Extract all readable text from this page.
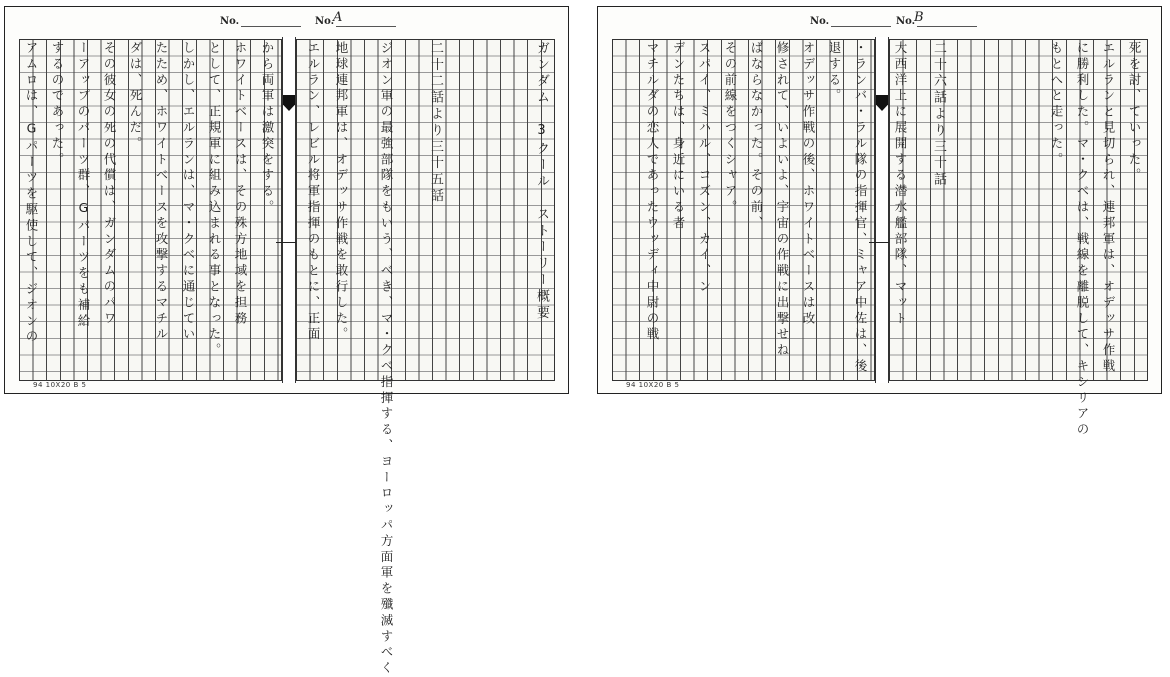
No.	No.
A
ガンダム　3クール　ストーリー概要
二十二話より三十五話
ジオン軍の最強部隊をもいう、べき、マ・クベ指揮する、ヨーロッパ方面軍を殲滅すべく
地球連邦軍は、オデッサ作戦を敢行した。
エルラン、レビル将軍指揮のもとに、正面
から両軍は激突をする。
ホワイトベースは、その殊方地域を担務
として、正規軍に組み込まれる事となった。
しかし、エルランは、マ・クベに通じてい
たため、ホワイトベースを攻撃するマチル
ダは、死んだ。
その彼女の死の代償は、ガンダムのパワ
ーアップのパーツ群、Gパーツをも補給
するのであった。
アムロは、Gパーツを駆使して、ジオンの
94 10X20 B 5
No.	No.
B
二十六話より三十話
大西洋上に展開する潜水艦部隊、マット
・ランバ・ラル隊の指揮官、ミャア中佐は、後
退する。
オデッサ作戦の後、ホワイトベースは改
修されて、いよいよ、宇宙の作戦に出撃せね
ばならなかった。その前、
その前線をつくシャア。
スパイ、ミハル、コズン、カイ、ン
デンたちは、身近にいる者
マチルダの恋人であったウッディ中尉の戦	死を討、ていった。
エルランと見切られ、連邦軍は、オデッサ作戦
に勝利した。マ・クベは、戦線を離脱して、キシリアの
もとへと走った。
94 10X20 B 5
